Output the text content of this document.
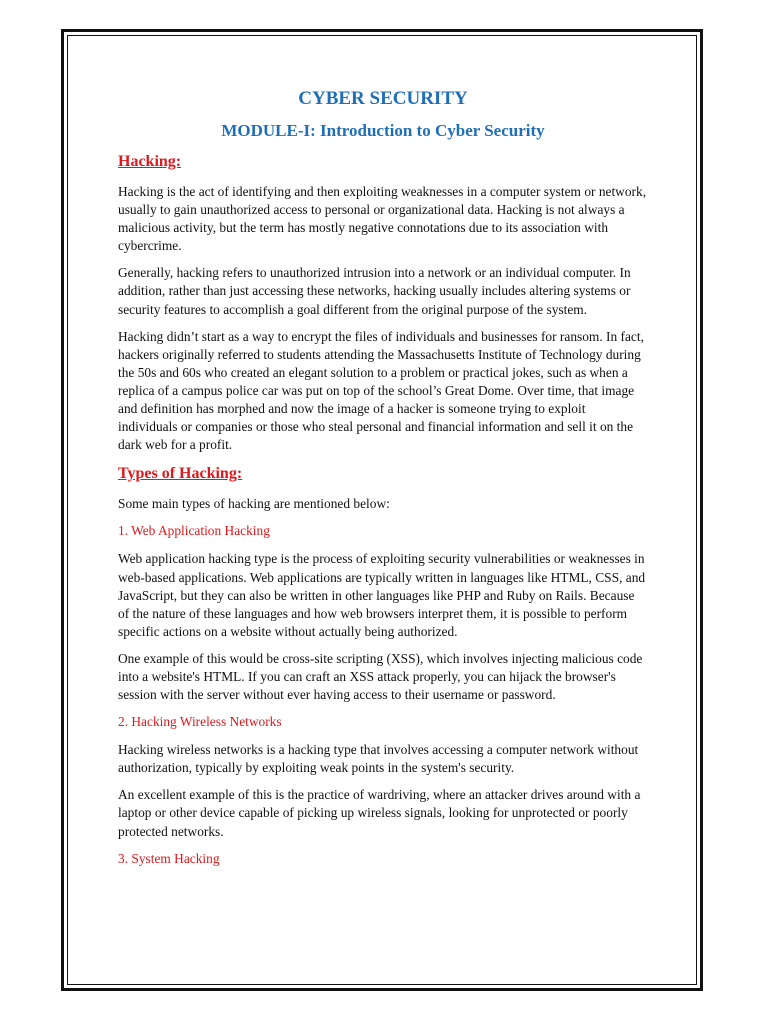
CYBER SECURITY
MODULE-I: Introduction to Cyber Security
Hacking:

Hacking is the act of identifying and then exploiting weaknesses in a computer system or network, usually to gain unauthorized access to personal or organizational data. Hacking is not always a malicious activity, but the term has mostly negative connotations due to its association with cybercrime.

Generally, hacking refers to unauthorized intrusion into a network or an individual computer. In addition, rather than just accessing these networks, hacking usually includes altering systems or security features to accomplish a goal different from the original purpose of the system.

Hacking didn’t start as a way to encrypt the files of individuals and businesses for ransom. In fact, hackers originally referred to students attending the Massachusetts Institute of Technology during the 50s and 60s who created an elegant solution to a problem or practical jokes, such as when a replica of a campus police car was put on top of the school’s Great Dome. Over time, that image and definition has morphed and now the image of a hacker is someone trying to exploit individuals or companies or those who steal personal and financial information and sell it on the dark web for a profit.

Types of Hacking:

Some main types of hacking are mentioned below:

1. Web Application Hacking

Web application hacking type is the process of exploiting security vulnerabilities or weaknesses in web-based applications. Web applications are typically written in languages like HTML, CSS, and JavaScript, but they can also be written in other languages like PHP and Ruby on Rails. Because of the nature of these languages and how web browsers interpret them, it is possible to perform specific actions on a website without actually being authorized.

One example of this would be cross-site scripting (XSS), which involves injecting malicious code into a website's HTML. If you can craft an XSS attack properly, you can hijack the browser's session with the server without ever having access to their username or password.

2. Hacking Wireless Networks

Hacking wireless networks is a hacking type that involves accessing a computer network without authorization, typically by exploiting weak points in the system's security.

An excellent example of this is the practice of wardriving, where an attacker drives around with a laptop or other device capable of picking up wireless signals, looking for unprotected or poorly protected networks.

3. System Hacking
